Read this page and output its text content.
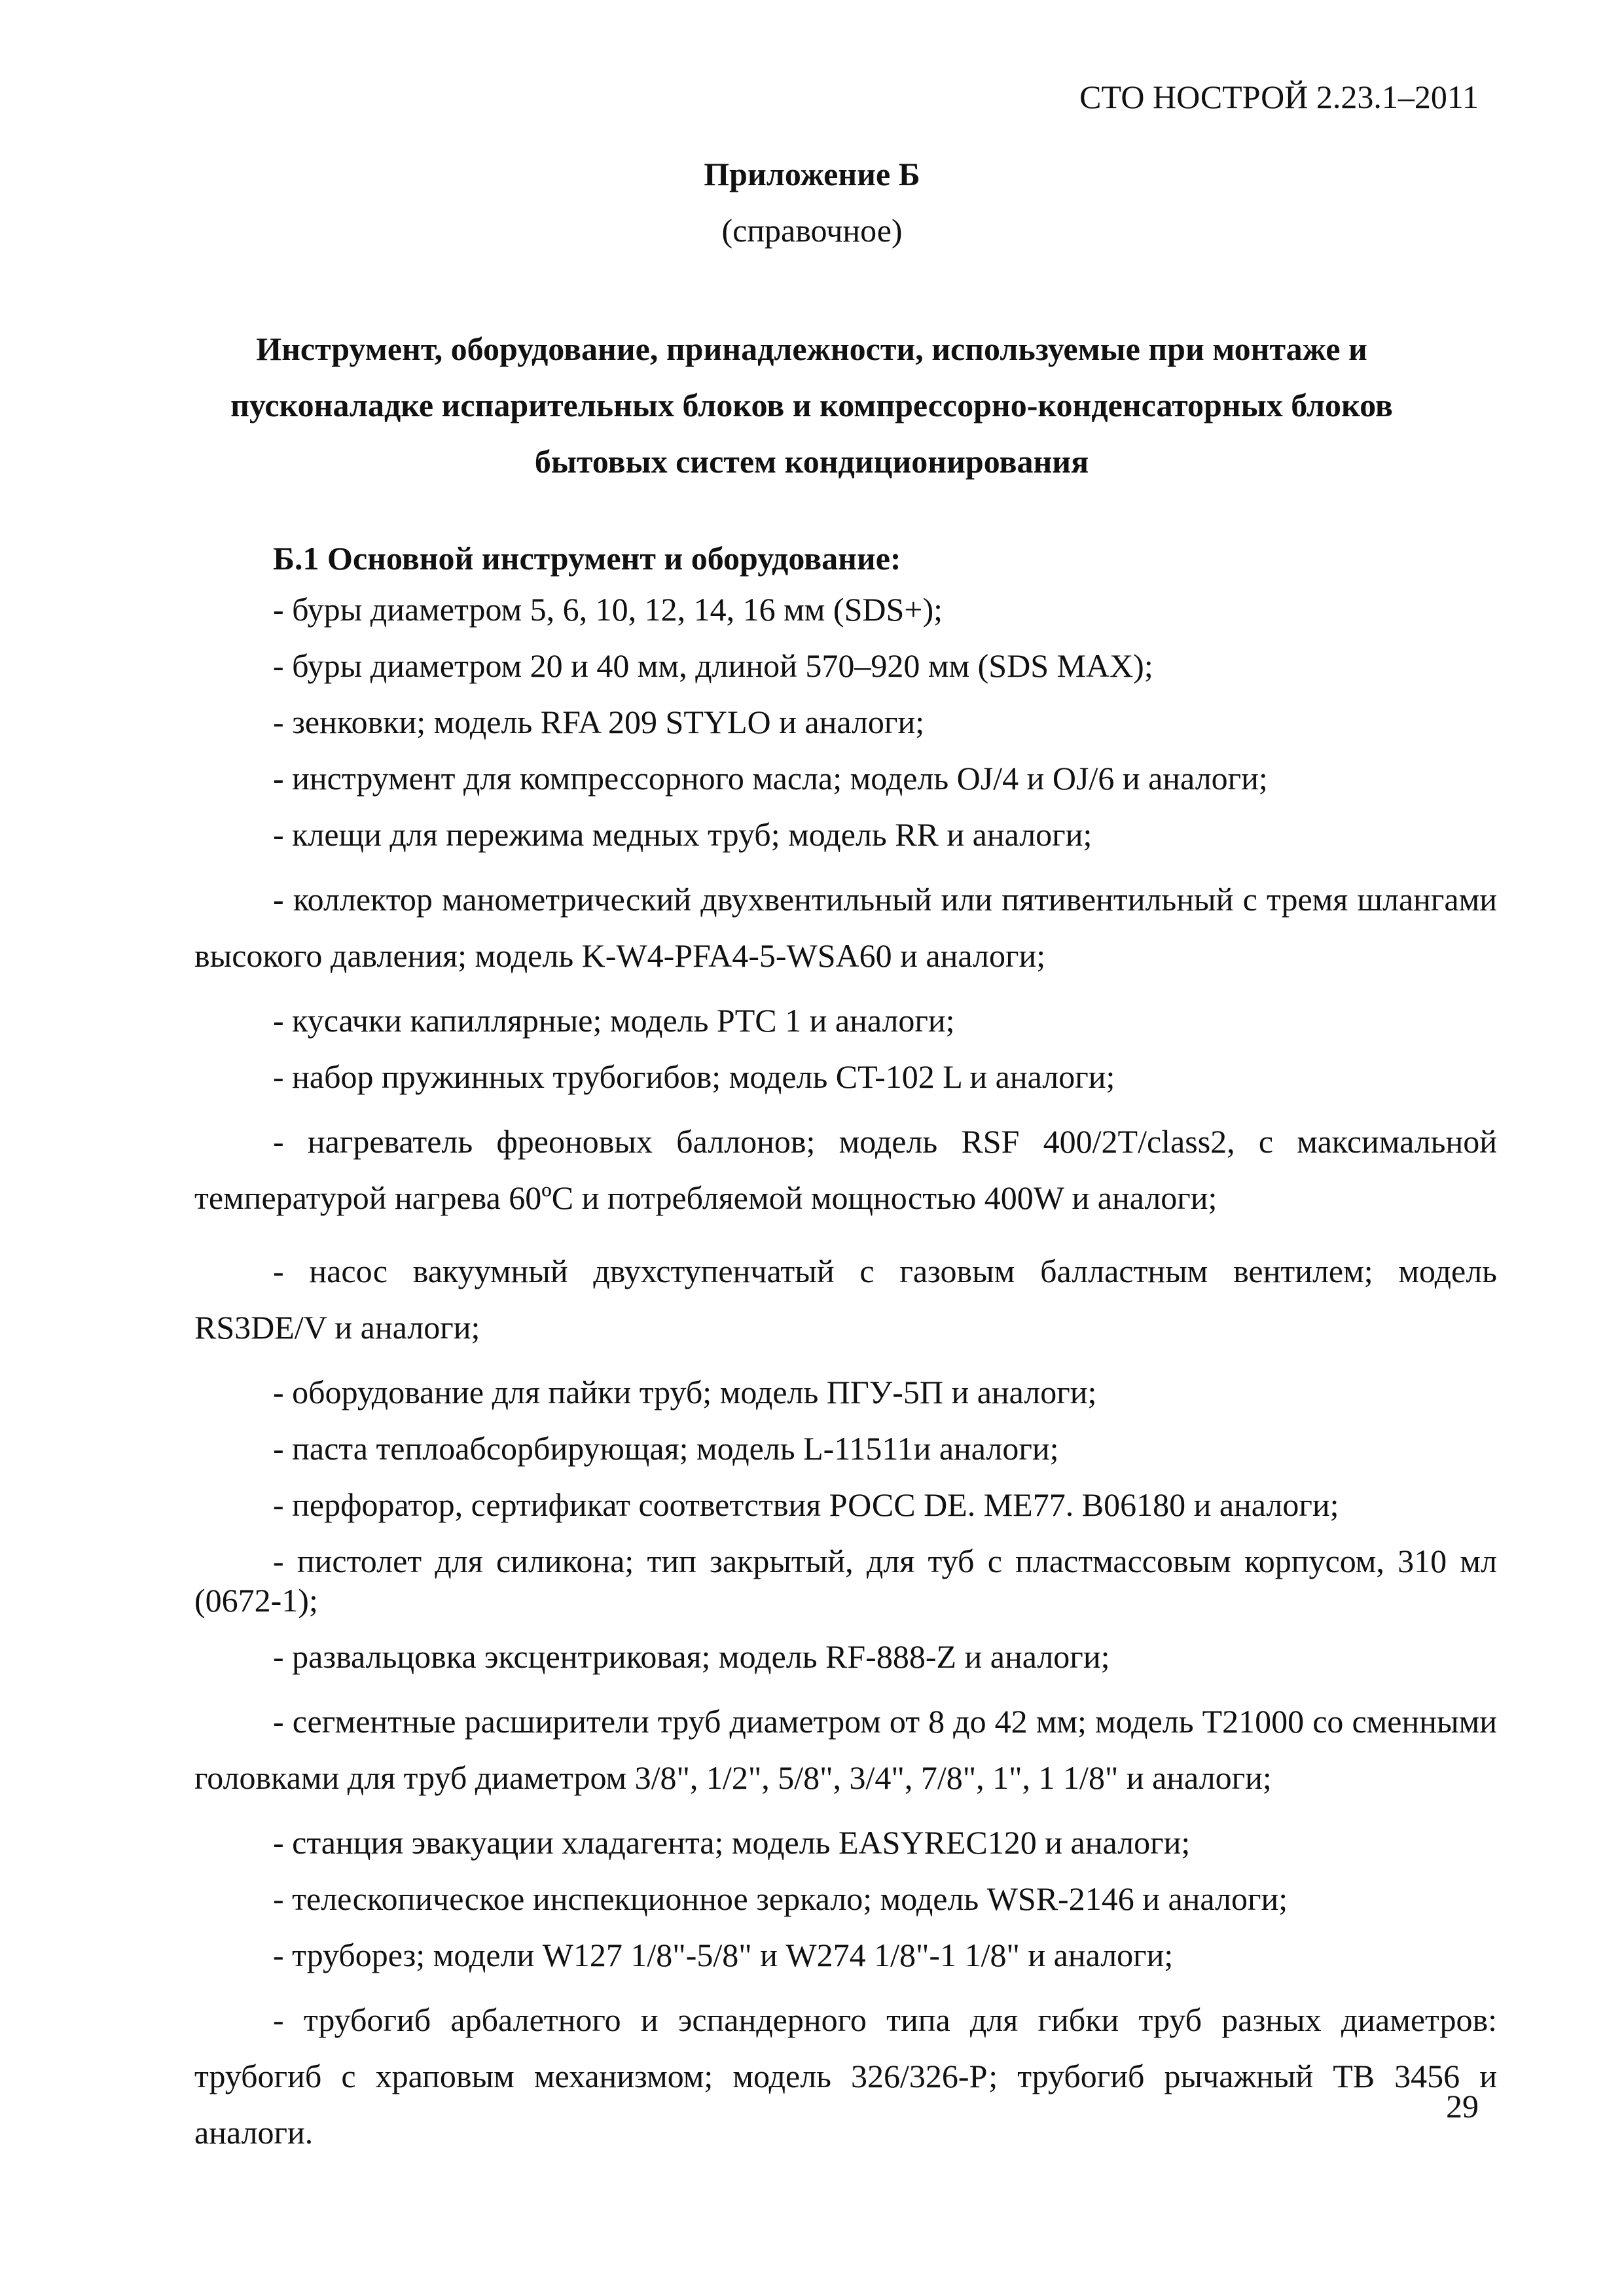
СТО НОСТРОЙ 2.23.1–2011
Приложение Б
(справочное)
Инструмент, оборудование, принадлежности, используемые при монтаже и
пусконаладке испарительных блоков и компрессорно-конденсаторных блоков
бытовых систем кондиционирования

Б.1 Основной инструмент и оборудование:

- буры диаметром 5, 6, 10, 12, 14, 16 мм (SDS+);

- буры диаметром 20 и 40 мм, длиной 570–920 мм (SDS MAX);

- зенковки; модель RFA 209 STYLO и аналоги;

- инструмент для компрессорного масла; модель OJ/4 и OJ/6 и аналоги;

- клещи для пережима медных труб; модель RR и аналоги;

- коллектор манометрический двухвентильный или пятивентильный с тремя шлангами высокого давления; модель K-W4-PFA4-5-WSA60 и аналоги;

- кусачки капиллярные; модель PTC 1 и аналоги;

- набор пружинных трубогибов; модель CT-102 L и аналоги;

- нагреватель фреоновых баллонов; модель RSF 400/2T/class2, с максимальной температурой нагрева 60ºС и потребляемой мощностью 400W и аналоги;

- насос вакуумный двухступенчатый с газовым балластным вентилем; модель RS3DE/V и аналоги;

- оборудование для пайки труб; модель ПГУ-5П и аналоги;

- паста теплоабсорбирующая; модель L-11511и аналоги;

- перфоратор, сертификат соответствия РОСС DE. МЕ77. В06180 и аналоги;

- пистолет для силикона; тип закрытый, для туб с пластмассовым корпусом, 310 мл (0672-1);

- развальцовка эксцентриковая; модель RF-888-Z и аналоги;

- сегментные расширители труб диаметром от 8 до 42 мм; модель T21000 со сменными головками для труб диаметром 3/8", 1/2", 5/8", 3/4", 7/8", 1", 1 1/8" и аналоги;

- станция эвакуации хладагента; модель EASYREC120 и аналоги;

- телескопическое инспекционное зеркало; модель WSR-2146 и аналоги;

- труборез; модели W127 1/8"-5/8" и W274 1/8"-1 1/8" и аналоги;

- трубогиб арбалетного и эспандерного типа для гибки труб разных диаметров: трубогиб с храповым механизмом; модель 326/326-Р; трубогиб рычажный ТВ 3456 и аналоги.

29
